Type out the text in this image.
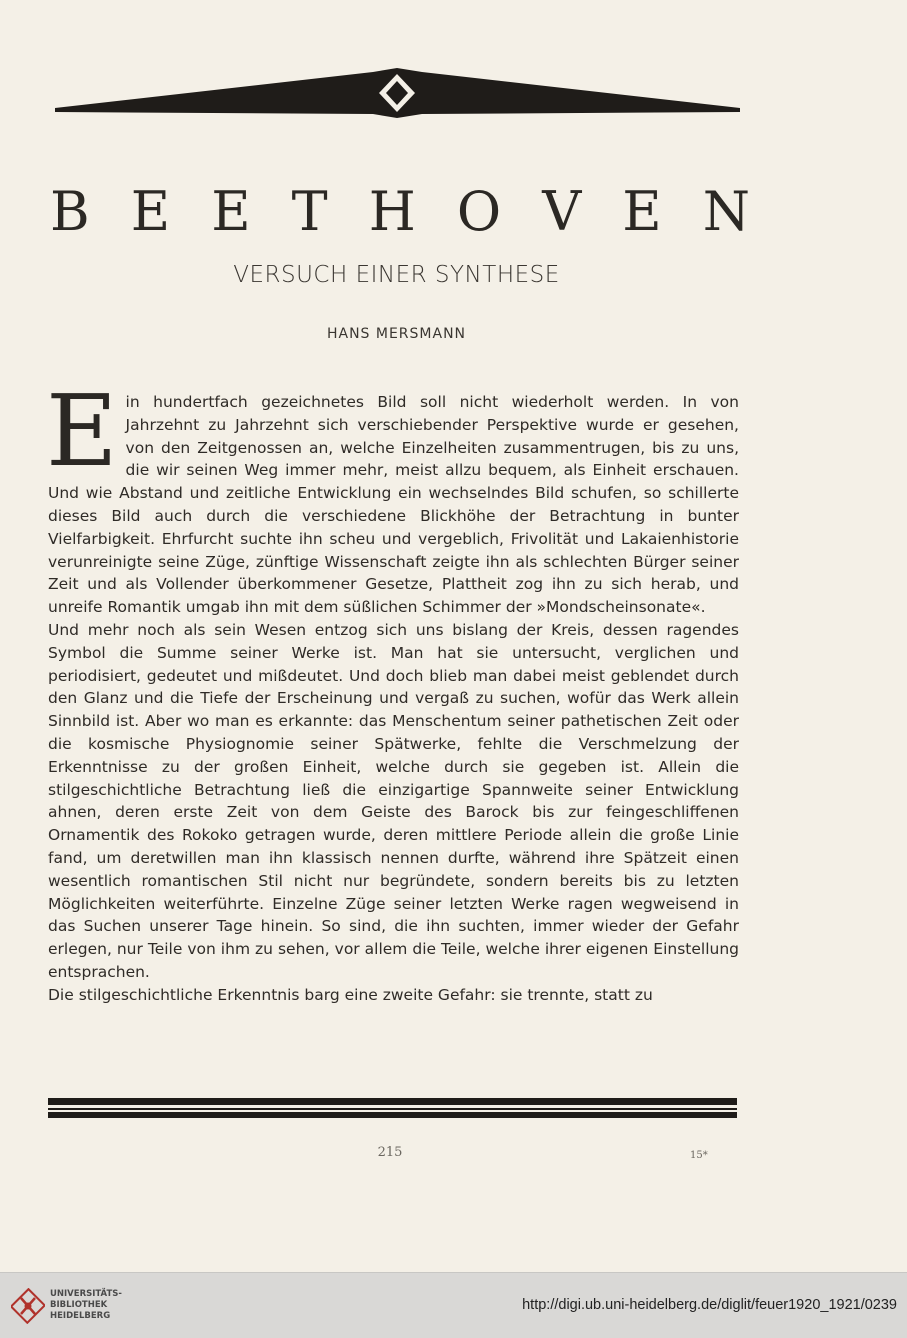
B E E T H O V E N
VERSUCH EINER SYNTHESE
HANS MERSMANN

Ein hundertfach gezeichnetes Bild soll nicht wiederholt werden. In von Jahrzehnt zu Jahrzehnt sich verschiebender Perspektive wurde er gesehen, von den Zeitgenossen an, welche Einzelheiten zusammentrugen, bis zu uns, die wir seinen Weg immer mehr, meist allzu bequem, als Einheit erschauen. Und wie Abstand und zeitliche Entwicklung ein wechselndes Bild schufen, so schillerte dieses Bild auch durch die verschiedene Blickhöhe der Betrachtung in bunter Vielfarbigkeit. Ehrfurcht suchte ihn scheu und vergeblich, Frivolität und Lakaienhistorie verunreinigte seine Züge, zünftige Wissenschaft zeigte ihn als schlechten Bürger seiner Zeit und als Vollender überkommener Gesetze, Plattheit zog ihn zu sich herab, und unreife Romantik umgab ihn mit dem süßlichen Schimmer der »Mondscheinsonate«.

Und mehr noch als sein Wesen entzog sich uns bislang der Kreis, dessen ragendes Symbol die Summe seiner Werke ist. Man hat sie untersucht, verglichen und periodisiert, gedeutet und mißdeutet. Und doch blieb man dabei meist geblendet durch den Glanz und die Tiefe der Erscheinung und vergaß zu suchen, wofür das Werk allein Sinnbild ist. Aber wo man es erkannte: das Menschentum seiner pathetischen Zeit oder die kosmische Physiognomie seiner Spätwerke, fehlte die Verschmelzung der Erkenntnisse zu der großen Einheit, welche durch sie gegeben ist. Allein die stilgeschichtliche Betrachtung ließ die einzigartige Spannweite seiner Entwicklung ahnen, deren erste Zeit von dem Geiste des Barock bis zur feingeschliffenen Ornamentik des Rokoko getragen wurde, deren mittlere Periode allein die große Linie fand, um deretwillen man ihn klassisch nennen durfte, während ihre Spätzeit einen wesentlich romantischen Stil nicht nur begründete, sondern bereits bis zu letzten Möglichkeiten weiterführte. Einzelne Züge seiner letzten Werke ragen wegweisend in das Suchen unserer Tage hinein. So sind, die ihn suchten, immer wieder der Gefahr erlegen, nur Teile von ihm zu sehen, vor allem die Teile, welche ihrer eigenen Einstellung entsprachen.

Die stilgeschichtliche Erkenntnis barg eine zweite Gefahr: sie trennte, statt zu

215	15*
UNIVERSITÄTS-
BIBLIOTHEK
HEIDELBERG
http://digi.ub.uni-heidelberg.de/diglit/feuer1920_1921/0239
